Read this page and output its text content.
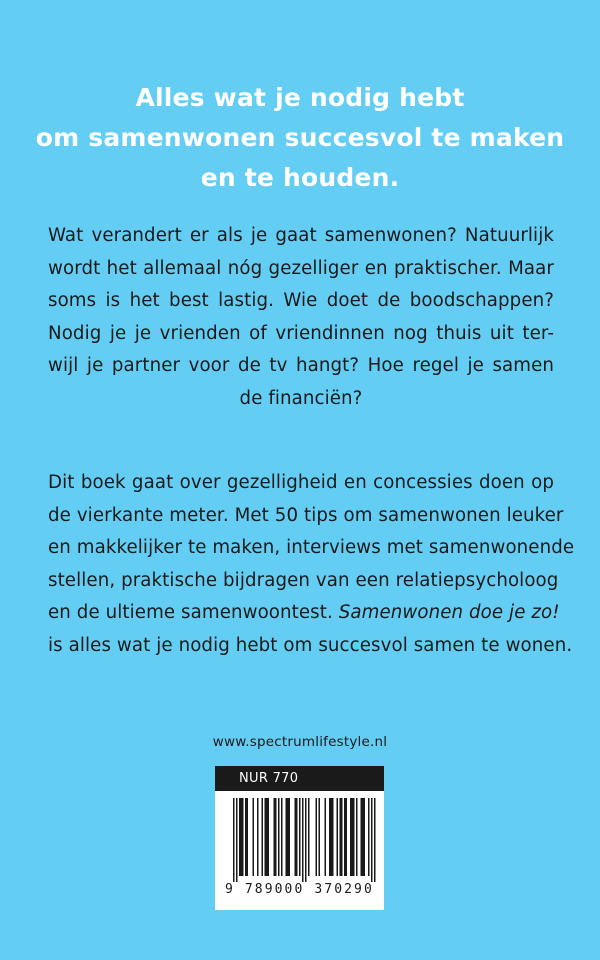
Alles wat je nodig hebt
om samenwonen succesvol te maken
en te houden.
Wat verandert er als je gaat samenwonen? Natuurlijk
wordt het allemaal nóg gezelliger en praktischer. Maar
soms is het best lastig. Wie doet de boodschappen?
Nodig je je vrienden of vriendinnen nog thuis uit ter-
wijl je partner voor de tv hangt? Hoe regel je samen
de financiën?
Dit boek gaat over gezelligheid en concessies doen op
de vierkante meter. Met 50 tips om samenwonen leuker
en makkelijker te maken, interviews met samenwonende
stellen, praktische bijdragen van een relatiepsycholoog
en de ultieme samenwoontest. Samenwonen doe je zo!
is alles wat je nodig hebt om succesvol samen te wonen.
www.spectrumlifestyle.nl
NUR 770
9 789000 370290
